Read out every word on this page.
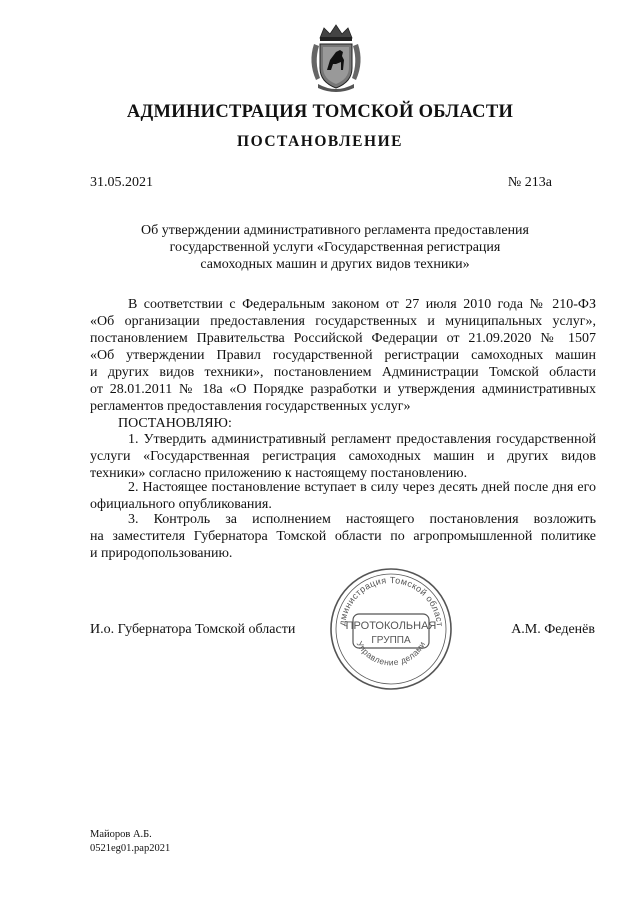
АДМИНИСТРАЦИЯ ТОМСКОЙ ОБЛАСТИ
ПОСТАНОВЛЕНИЕ
31.05.2021	№ 213а
Об утверждении административного регламента предоставления
государственной услуги «Государственная регистрация
самоходных машин и других видов техники»
В соответствии с Федеральным законом от 27 июля 2010 года № 210-ФЗ
«Об организации предоставления государственных и муниципальных услуг»,
постановлением Правительства Российской Федерации от 21.09.2020 № 1507
«Об утверждении Правил государственной регистрации самоходных машин
и других видов техники», постановлением Администрации Томской области
от 28.01.2011 № 18а «О Порядке разработки и утверждения административных
регламентов предоставления государственных услуг»
ПОСТАНОВЛЯЮ:
1. Утвердить административный регламент предоставления государственной
услуги «Государственная регистрация самоходных машин и других видов
техники» согласно приложению к настоящему постановлению.
2. Настоящее постановление вступает в силу через десять дней после дня его
официального опубликования.
3. Контроль за исполнением настоящего постановления возложить
на заместителя Губернатора Томской области по агропромышленной политике
и природопользованию.
И.о. Губернатора Томской области	А.М. Феденёв
дминистрация Томской област
Управление делами
ПРОТОКОЛЬНАЯ
ГРУППА
Майоров А.Б.
0521eg01.pap2021
